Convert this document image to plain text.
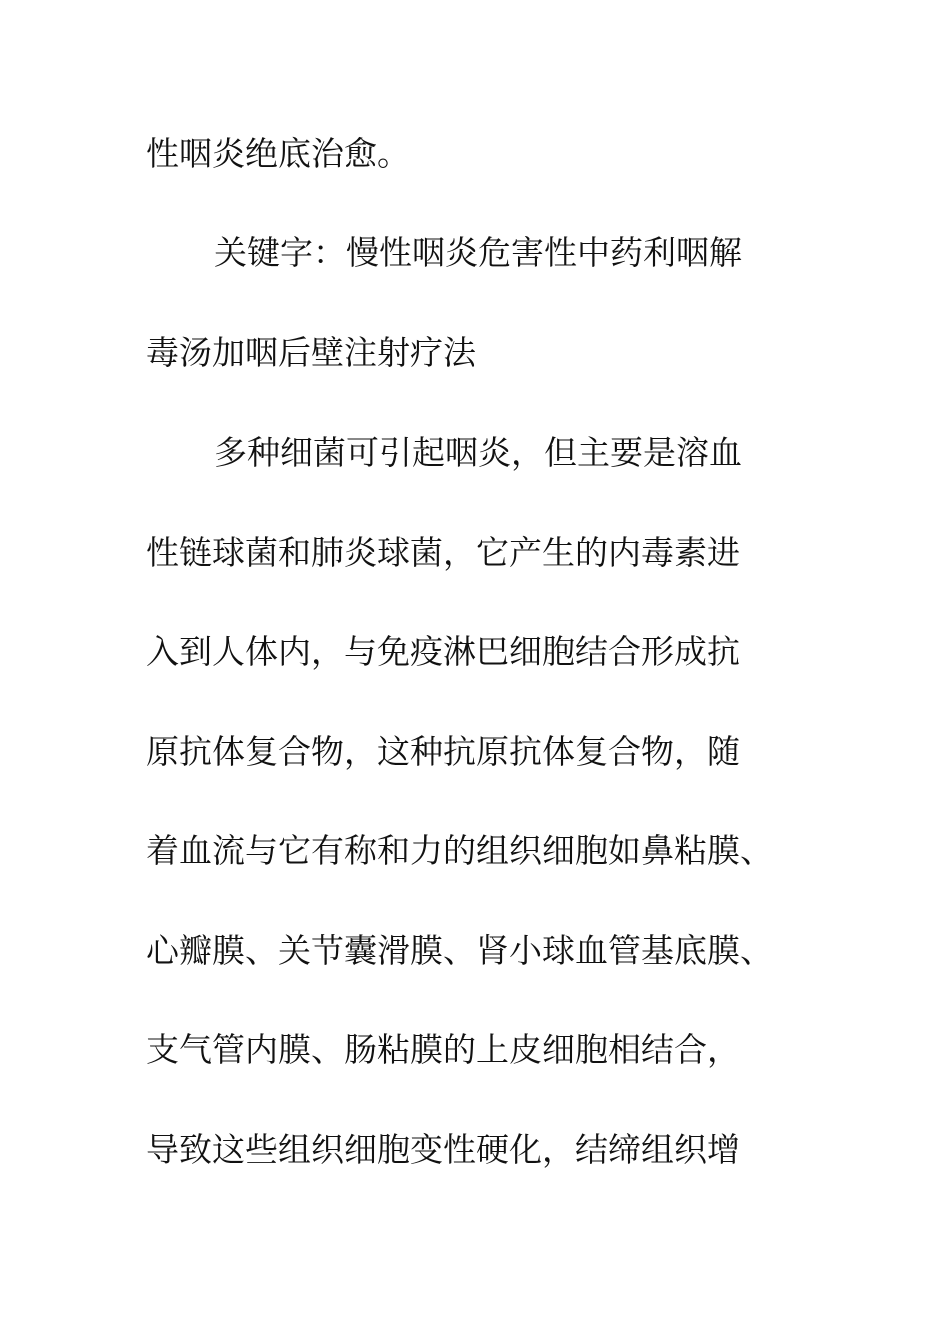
性咽炎绝底治愈。
关键字：慢性咽炎危害性中药利咽解
毒汤加咽后壁注射疗法
多种细菌可引起咽炎，但主要是溶血
性链球菌和肺炎球菌，它产生的内毒素进
入到人体内，与免疫淋巴细胞结合形成抗
原抗体复合物，这种抗原抗体复合物，随
着血流与它有称和力的组织细胞如鼻粘膜、
心瓣膜、关节囊滑膜、肾小球血管基底膜、
支气管内膜、肠粘膜的上皮细胞相结合，
导致这些组织细胞变性硬化，结缔组织增
